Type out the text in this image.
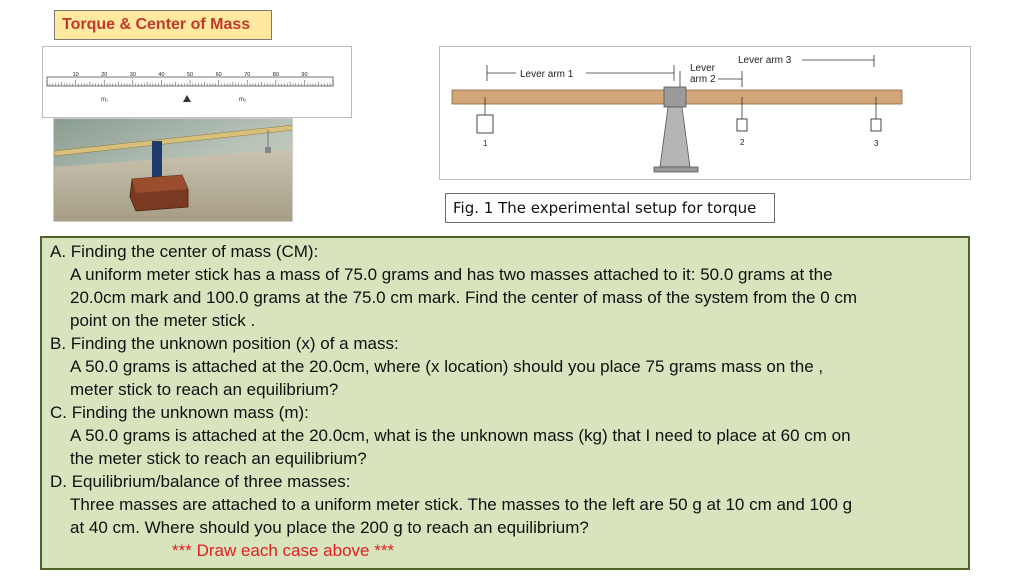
Torque & Center of Mass
10	20	30	40	50	60	70	80	90
m₁	m₂
Lever arm 1
Lever
arm 2
Lever arm 3
1	2	3
Fig. 1 The experimental setup for torque
A. Finding the center of mass (CM):
A uniform meter stick has a mass of 75.0 grams and has two masses attached to it: 50.0 grams at the
20.0cm mark and 100.0 grams at the 75.0 cm mark. Find the center of mass of the system from the 0 cm
point on the meter stick .
B. Finding the unknown position (x) of a mass:
A 50.0 grams is attached at the 20.0cm, where (x location) should you place 75 grams mass on the ,
meter stick to reach an equilibrium?
C. Finding the unknown mass (m):
A 50.0 grams is attached at the 20.0cm, what is the unknown mass (kg) that I need to place at 60 cm on
the meter stick to reach an equilibrium?
D. Equilibrium/balance of three masses:
Three masses are attached to a uniform meter stick. The masses to the left are 50 g at 10 cm and 100 g
at 40 cm. Where should you place the 200 g to reach an equilibrium?
*** Draw each case above ***
